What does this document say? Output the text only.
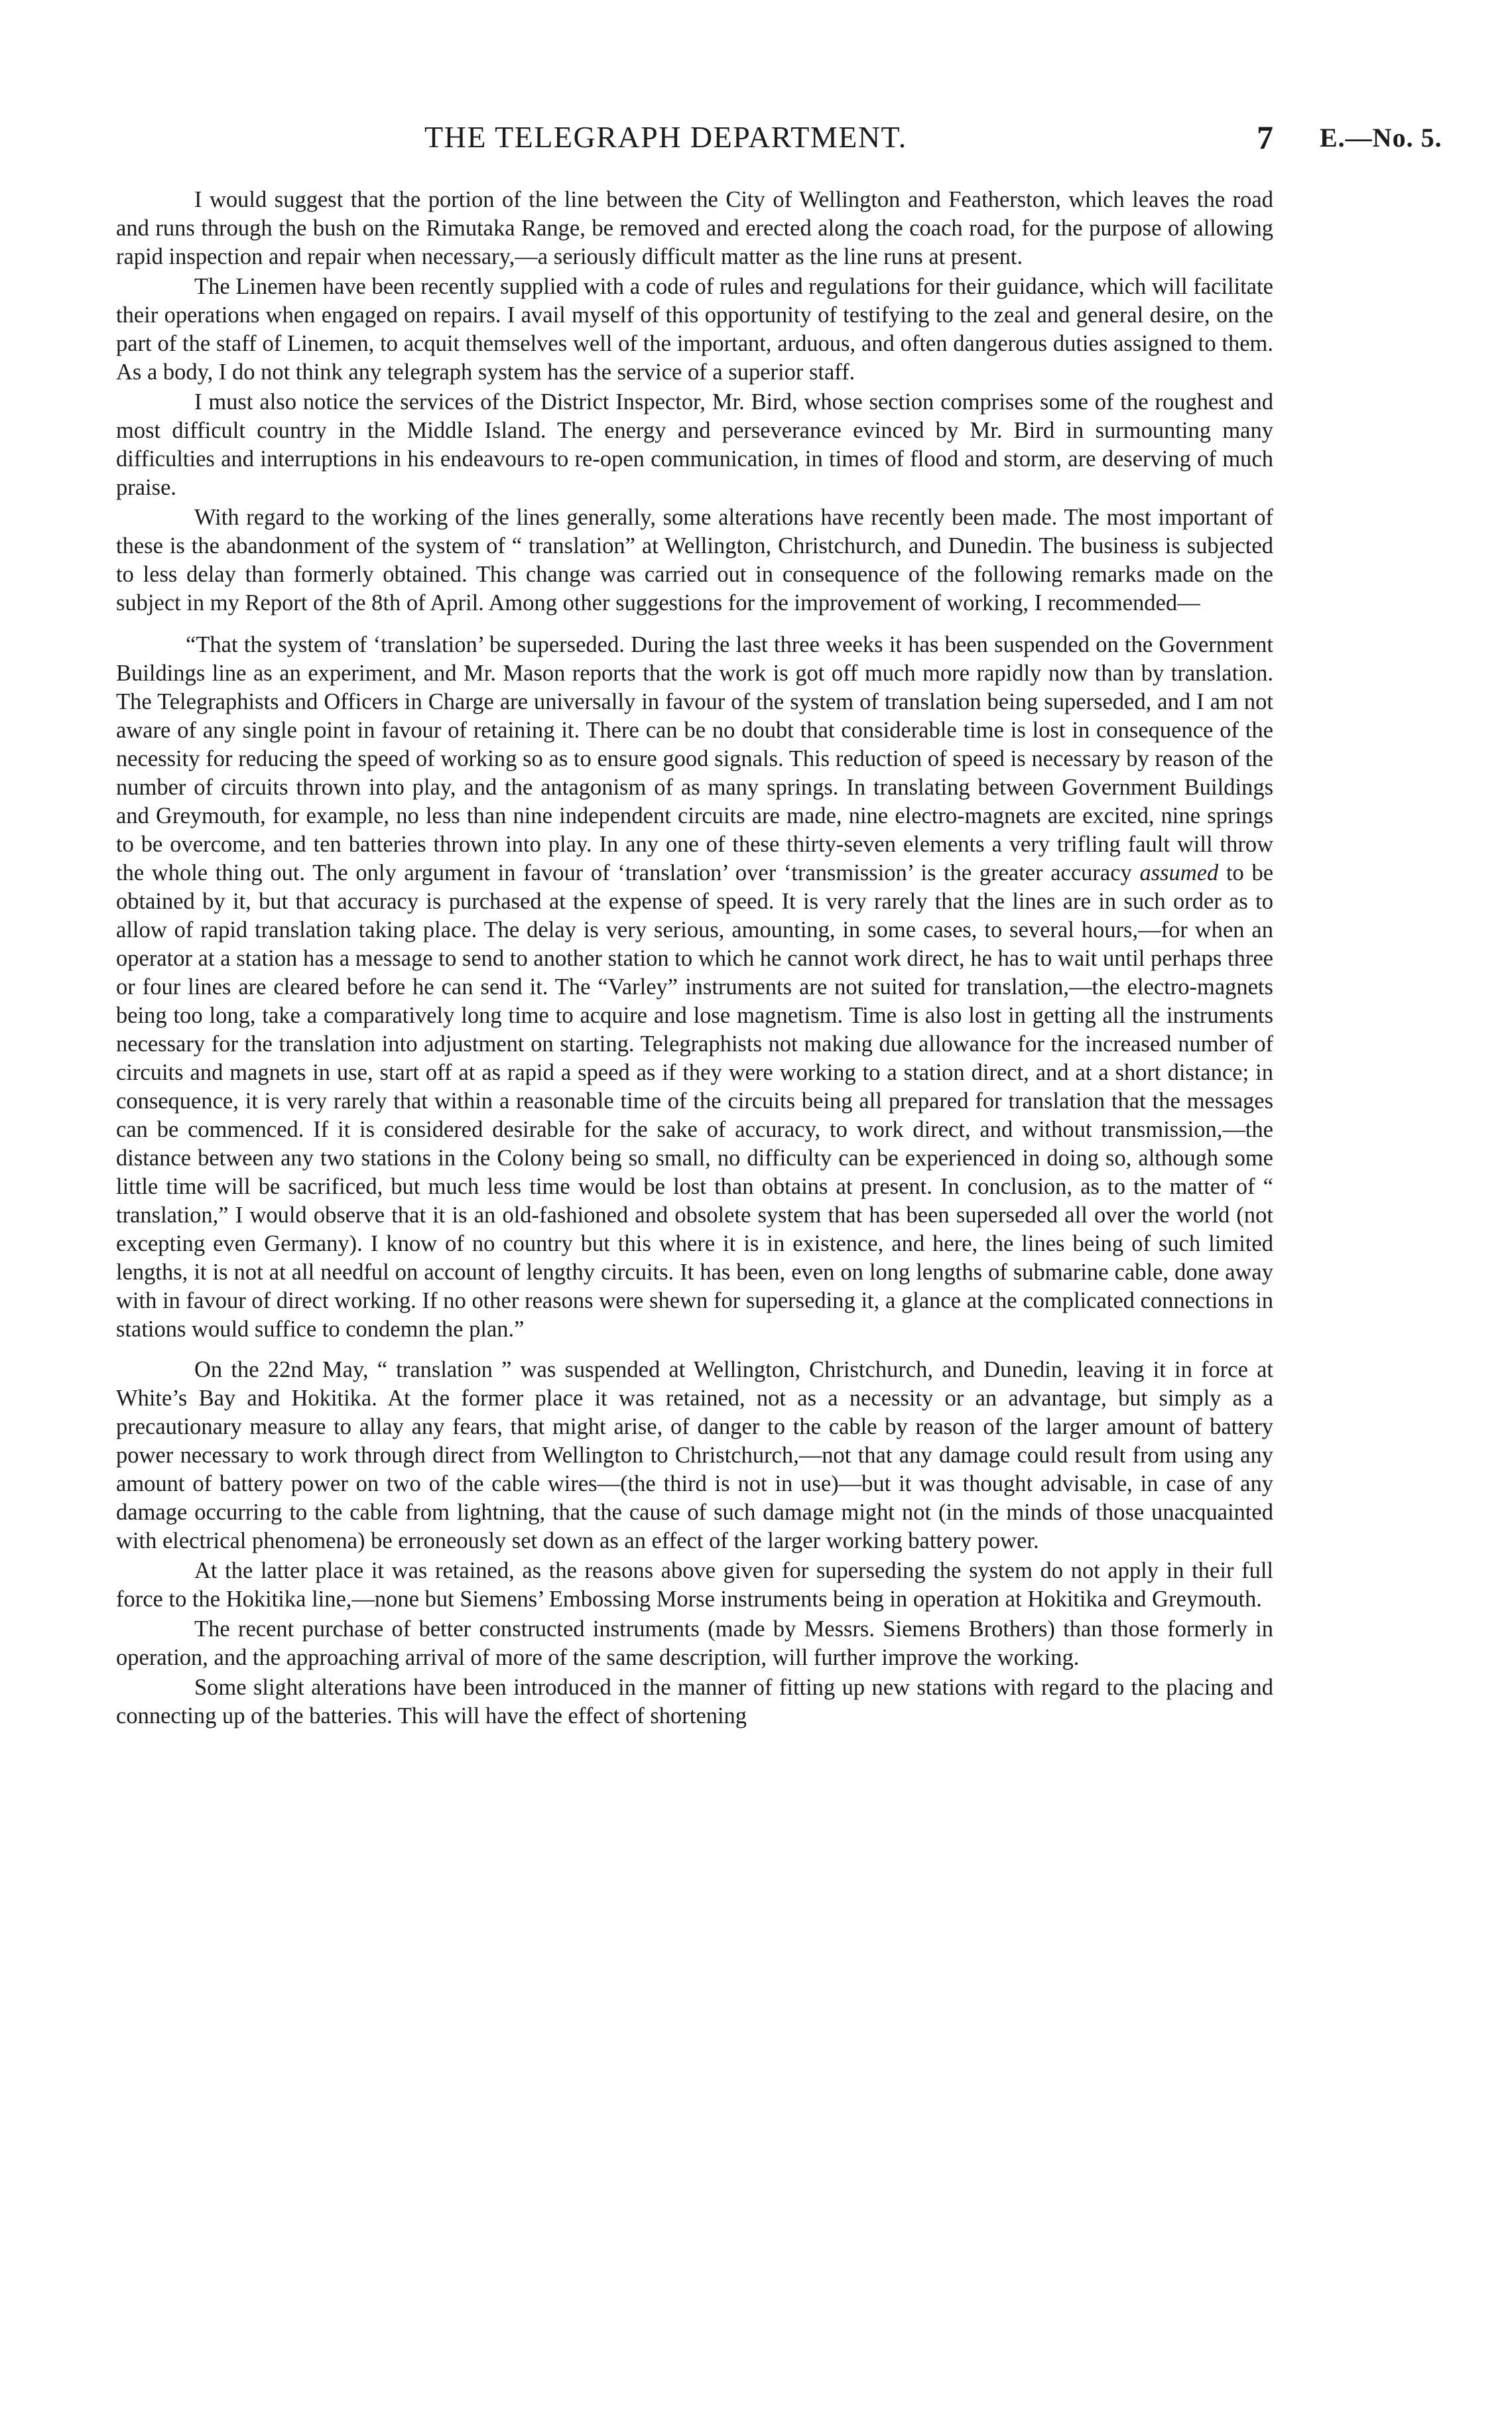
THE TELEGRAPH DEPARTMENT.	7 E.—No. 5.

I would suggest that the portion of the line between the City of Wellington and Featherston, which leaves the road and runs through the bush on the Rimutaka Range, be removed and erected along the coach road, for the purpose of allowing rapid inspection and repair when necessary,—a seriously difficult matter as the line runs at present.

The Linemen have been recently supplied with a code of rules and regulations for their guidance, which will facilitate their operations when engaged on repairs. I avail myself of this opportunity of testifying to the zeal and general desire, on the part of the staff of Linemen, to acquit themselves well of the important, arduous, and often dangerous duties assigned to them. As a body, I do not think any telegraph system has the service of a superior staff.

I must also notice the services of the District Inspector, Mr. Bird, whose section comprises some of the roughest and most difficult country in the Middle Island. The energy and perseverance evinced by Mr. Bird in surmounting many difficulties and interruptions in his endeavours to re-open communication, in times of flood and storm, are deserving of much praise.

With regard to the working of the lines generally, some alterations have recently been made. The most important of these is the abandonment of the system of “ translation” at Wellington, Christchurch, and Dunedin. The business is subjected to less delay than formerly obtained. This change was carried out in consequence of the following remarks made on the subject in my Report of the 8th of April. Among other suggestions for the improvement of working, I recommended—

“That the system of ‘translation’ be superseded. During the last three weeks it has been suspended on the Government Buildings line as an experiment, and Mr. Mason reports that the work is got off much more rapidly now than by translation. The Telegraphists and Officers in Charge are universally in favour of the system of translation being superseded, and I am not aware of any single point in favour of retaining it. There can be no doubt that considerable time is lost in consequence of the necessity for reducing the speed of working so as to ensure good signals. This reduction of speed is necessary by reason of the number of circuits thrown into play, and the antagonism of as many springs. In translating between Government Buildings and Greymouth, for example, no less than nine independent circuits are made, nine electro-magnets are excited, nine springs to be overcome, and ten batteries thrown into play. In any one of these thirty-seven elements a very trifling fault will throw the whole thing out. The only argument in favour of ‘translation’ over ‘transmission’ is the greater accuracy assumed to be obtained by it, but that accuracy is purchased at the expense of speed. It is very rarely that the lines are in such order as to allow of rapid translation taking place. The delay is very serious, amounting, in some cases, to several hours,—for when an operator at a station has a message to send to another station to which he cannot work direct, he has to wait until perhaps three or four lines are cleared before he can send it. The “Varley” instruments are not suited for translation,—the electro-magnets being too long, take a comparatively long time to acquire and lose magnetism. Time is also lost in getting all the instruments necessary for the translation into adjustment on starting. Telegraphists not making due allowance for the increased number of circuits and magnets in use, start off at as rapid a speed as if they were working to a station direct, and at a short distance; in consequence, it is very rarely that within a reasonable time of the circuits being all prepared for translation that the messages can be commenced. If it is considered desirable for the sake of accuracy, to work direct, and without transmission,—the distance between any two stations in the Colony being so small, no difficulty can be experienced in doing so, although some little time will be sacrificed, but much less time would be lost than obtains at present. In conclusion, as to the matter of “ translation,” I would observe that it is an old-fashioned and obsolete system that has been superseded all over the world (not excepting even Germany). I know of no country but this where it is in existence, and here, the lines being of such limited lengths, it is not at all needful on account of lengthy circuits. It has been, even on long lengths of submarine cable, done away with in favour of direct working. If no other reasons were shewn for superseding it, a glance at the complicated connections in stations would suffice to condemn the plan.”

On the 22nd May, “ translation ” was suspended at Wellington, Christchurch, and Dunedin, leaving it in force at White’s Bay and Hokitika. At the former place it was retained, not as a necessity or an advantage, but simply as a precautionary measure to allay any fears, that might arise, of danger to the cable by reason of the larger amount of battery power necessary to work through direct from Wellington to Christchurch,—not that any damage could result from using any amount of battery power on two of the cable wires—(the third is not in use)—but it was thought advisable, in case of any damage occurring to the cable from lightning, that the cause of such damage might not (in the minds of those unacquainted with electrical phenomena) be erroneously set down as an effect of the larger working battery power.

At the latter place it was retained, as the reasons above given for superseding the system do not apply in their full force to the Hokitika line,—none but Siemens’ Embossing Morse instruments being in operation at Hokitika and Greymouth.

The recent purchase of better constructed instruments (made by Messrs. Siemens Brothers) than those formerly in operation, and the approaching arrival of more of the same description, will further improve the working.

Some slight alterations have been introduced in the manner of fitting up new stations with regard to the placing and connecting up of the batteries. This will have the effect of shortening
